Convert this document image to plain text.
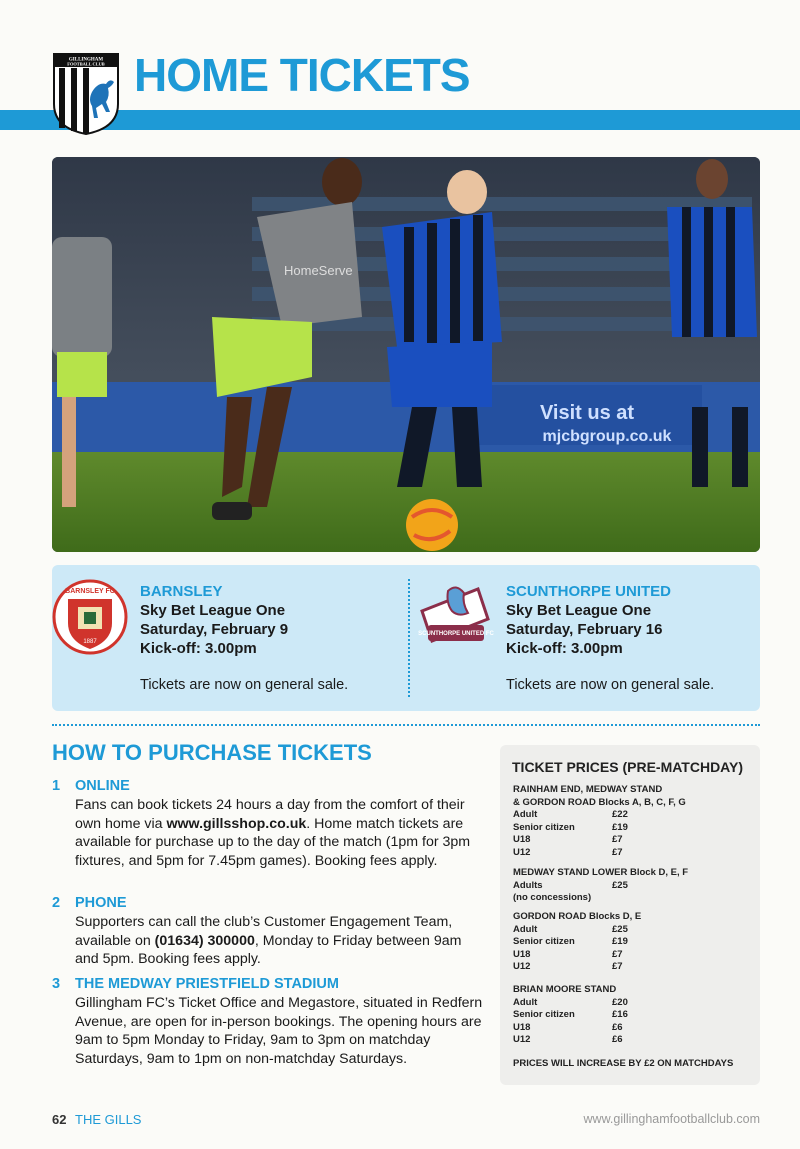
GILLINGHAM
FOOTBALL CLUB HOME TICKETS
Visit us at
mjcbgroup.co.uk
HomeServe
BARNSLEY FC
1887
BARNSLEY
Sky Bet League One
Saturday, February 9
Kick-off: 3.00pm
Tickets are now on general sale.
SCUNTHORPE UNITED FC
SCUNTHORPE UNITED
Sky Bet League One
Saturday, February 16
Kick-off: 3.00pm
Tickets are now on general sale.
HOW TO PURCHASE TICKETS
1 ONLINE
Fans can book tickets 24 hours a day from the comfort of their own home via www.gillsshop.co.uk. Home match tickets are available for purchase up to the day of the match (1pm for 3pm fixtures, and 5pm for 7.45pm games). Booking fees apply.
2 PHONE
Supporters can call the club’s Customer Engagement Team, available on (01634) 300000, Monday to Friday between 9am and 5pm. Booking fees apply.
3 THE MEDWAY PRIESTFIELD STADIUM
Gillingham FC’s Ticket Office and Megastore, situated in Redfern Avenue, are open for in-person bookings. The opening hours are 9am to 5pm Monday to Friday, 9am to 3pm on matchday Saturdays, 9am to 1pm on non-matchday Saturdays.
TICKET PRICES (PRE-MATCHDAY)
RAINHAM END, MEDWAY STAND
& GORDON ROAD Blocks A, B, C, F, G
Adult	£22
Senior citizen	£19
U18	£7
U12	£7
MEDWAY STAND LOWER Block D, E, F
Adults	£25
(no concessions)
GORDON ROAD Blocks D, E
Adult	£25
Senior citizen	£19
U18	£7
U12	£7
BRIAN MOORE STAND
Adult	£20
Senior citizen	£16
U18	£6
U12	£6
PRICES WILL INCREASE BY £2 ON MATCHDAYS
62 THE GILLS	www.gillinghamfootballclub.com
